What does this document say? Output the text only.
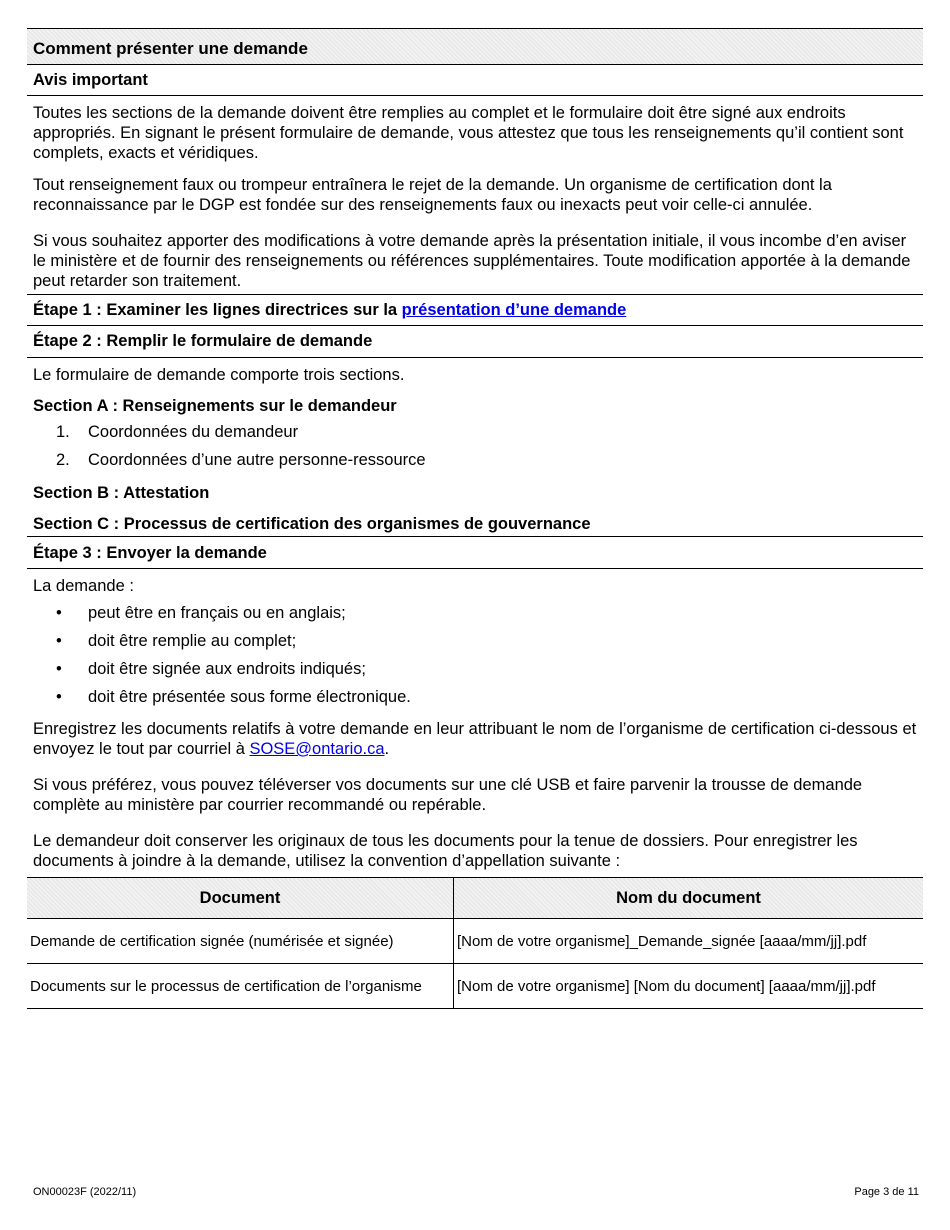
Comment présenter une demande
Avis important

Toutes les sections de la demande doivent être remplies au complet et le formulaire doit être signé aux endroits appropriés. En signant le présent formulaire de demande, vous attestez que tous les renseignements qu’il contient sont complets, exacts et véridiques.

Tout renseignement faux ou trompeur entraînera le rejet de la demande. Un organisme de certification dont la reconnaissance par le DGP est fondée sur des renseignements faux ou inexacts peut voir celle-ci annulée.

Si vous souhaitez apporter des modifications à votre demande après la présentation initiale, il vous incombe d’en aviser le ministère et de fournir des renseignements ou références supplémentaires. Toute modification apportée à la demande peut retarder son traitement.

Étape 1 : Examiner les lignes directrices sur la présentation d’une demande
Étape 2 : Remplir le formulaire de demande

Le formulaire de demande comporte trois sections.

Section A : Renseignements sur le demandeur

1. Coordonnées du demandeur
2. Coordonnées d’une autre personne-ressource

Section B : Attestation

Section C : Processus de certification des organismes de gouvernance
Étape 3 : Envoyer la demande

La demande :

• peut être en français ou en anglais;
• doit être remplie au complet;
• doit être signée aux endroits indiqués;
• doit être présentée sous forme électronique.

Enregistrez les documents relatifs à votre demande en leur attribuant le nom de l’organisme de certification ci-dessous et envoyez le tout par courriel à SOSE@ontario.ca.

Si vous préférez, vous pouvez téléverser vos documents sur une clé USB et faire parvenir la trousse de demande complète au ministère par courrier recommandé ou repérable.

Le demandeur doit conserver les originaux de tous les documents pour la tenue de dossiers. Pour enregistrer les documents à joindre à la demande, utilisez la convention d’appellation suivante :

Document	Nom du document
Demande de certification signée (numérisée et signée)	[Nom de votre organisme]_Demande_signée [aaaa/mm/jj].pdf
Documents sur le processus de certification de l’organisme	[Nom de votre organisme] [Nom du document] [aaaa/mm/jj].pdf
ON00023F (2022/11)	Page 3 de 11
